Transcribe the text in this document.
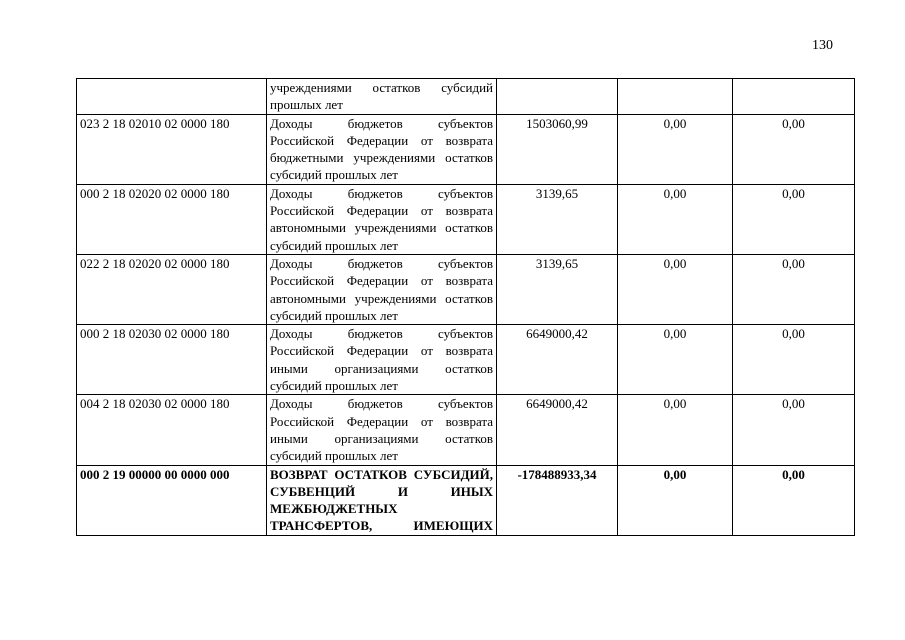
130
	учреждениями остатков субсидий прошлых лет			
023 2 18 02010 02 0000 180	Доходы бюджетов субъектов Российской Федерации от возврата бюджетными учреждениями остатков субсидий прошлых лет	1503060,99	0,00	0,00
000 2 18 02020 02 0000 180	Доходы бюджетов субъектов Российской Федерации от возврата автономными учреждениями остатков субсидий прошлых лет	3139,65	0,00	0,00
022 2 18 02020 02 0000 180	Доходы бюджетов субъектов Российской Федерации от возврата автономными учреждениями остатков субсидий прошлых лет	3139,65	0,00	0,00
000 2 18 02030 02 0000 180	Доходы бюджетов субъектов Российской Федерации от возврата иными организациями остатков субсидий прошлых лет	6649000,42	0,00	0,00
004 2 18 02030 02 0000 180	Доходы бюджетов субъектов Российской Федерации от возврата иными организациями остатков субсидий прошлых лет	6649000,42	0,00	0,00
000 2 19 00000 00 0000 000	ВОЗВРАТ ОСТАТКОВ СУБСИДИЙ, СУБВЕНЦИЙ И ИНЫХ МЕЖБЮДЖЕТНЫХ ТРАНСФЕРТОВ, ИМЕЮЩИХ	-178488933,34	0,00	0,00
